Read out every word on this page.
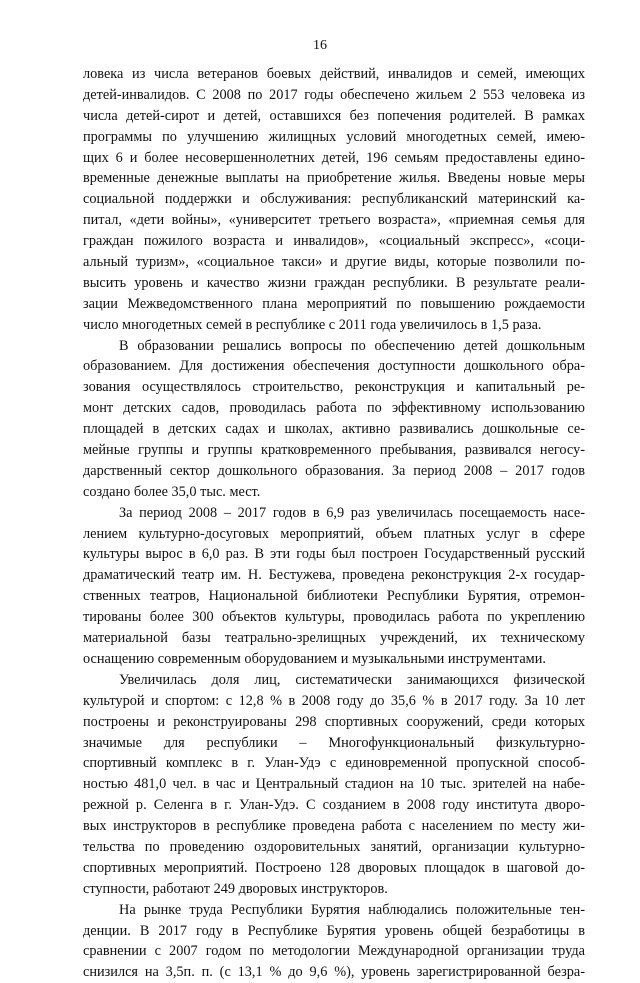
16
ловека из числа ветеранов боевых действий, инвалидов и семей, имеющих
детей-инвалидов. С 2008 по 2017 годы обеспечено жильем 2 553 человека из
числа детей-сирот и детей, оставшихся без попечения родителей. В рамках
программы по улучшению жилищных условий многодетных семей, имею-
щих 6 и более несовершеннолетних детей, 196 семьям предоставлены едино-
временные денежные выплаты на приобретение жилья. Введены новые меры
социальной поддержки и обслуживания: республиканский материнский ка-
питал, «дети войны», «университет третьего возраста», «приемная семья для
граждан пожилого возраста и инвалидов», «социальный экспресс», «соци-
альный туризм», «социальное такси» и другие виды, которые позволили по-
высить уровень и качество жизни граждан республики. В результате реали-
зации Межведомственного плана мероприятий по повышению рождаемости
число многодетных семей в республике с 2011 года увеличилось в 1,5 раза.
В образовании решались вопросы по обеспечению детей дошкольным
образованием. Для достижения обеспечения доступности дошкольного обра-
зования осуществлялось строительство, реконструкция и капитальный ре-
монт детских садов, проводилась работа по эффективному использованию
площадей в детских садах и школах, активно развивались дошкольные се-
мейные группы и группы кратковременного пребывания, развивался негосу-
дарственный сектор дошкольного образования. За период 2008 – 2017 годов
создано более 35,0 тыс. мест.
За период 2008 – 2017 годов в 6,9 раз увеличилась посещаемость насе-
лением культурно-досуговых мероприятий, объем платных услуг в сфере
культуры вырос в 6,0 раз. В эти годы был построен Государственный русский
драматический театр им. Н. Бестужева, проведена реконструкция 2-х государ-
ственных театров, Национальной библиотеки Республики Бурятия, отремон-
тированы более 300 объектов культуры, проводилась работа по укреплению
материальной базы театрально-зрелищных учреждений, их техническому
оснащению современным оборудованием и музыкальными инструментами.
Увеличилась доля лиц, систематически занимающихся физической
культурой и спортом: с 12,8 % в 2008 году до 35,6 % в 2017 году. За 10 лет
построены и реконструированы 298 спортивных сооружений, среди которых
значимые для республики – Многофункциональный физкультурно-
спортивный комплекс в г. Улан-Удэ с единовременной пропускной способ-
ностью 481,0 чел. в час и Центральный стадион на 10 тыс. зрителей на набе-
режной р. Селенга в г. Улан-Удэ. С созданием в 2008 году института дворо-
вых инструкторов в республике проведена работа с населением по месту жи-
тельства по проведению оздоровительных занятий, организации культурно-
спортивных мероприятий. Построено 128 дворовых площадок в шаговой до-
ступности, работают 249 дворовых инструкторов.
На рынке труда Республики Бурятия наблюдались положительные тен-
денции. В 2017 году в Республике Бурятия уровень общей безработицы в
сравнении с 2007 годом по методологии Международной организации труда
снизился на 3,5п. п. (с 13,1 % до 9,6 %), уровень зарегистрированной безра-
